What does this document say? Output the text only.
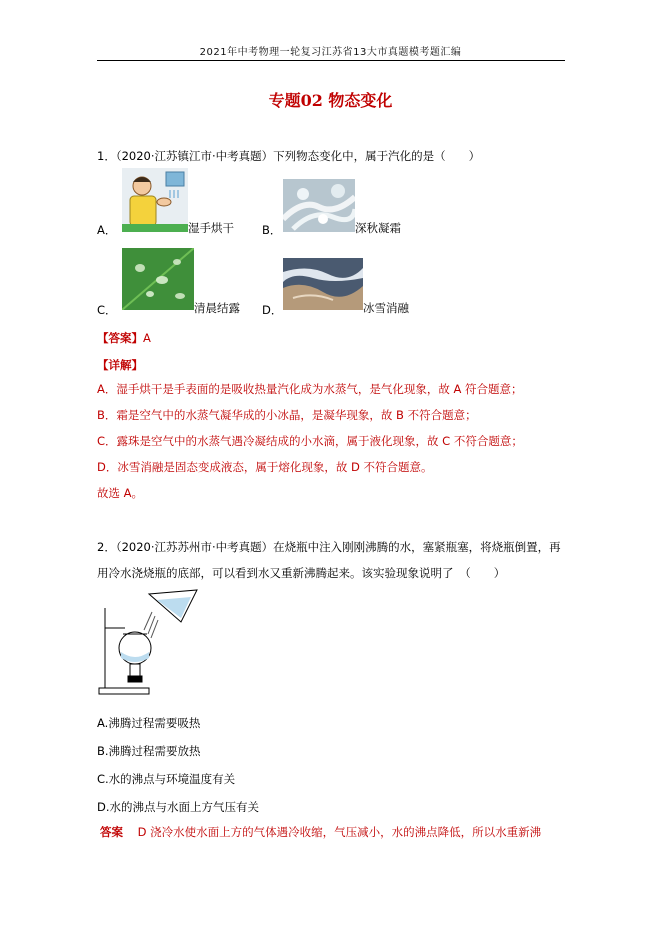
2021年中考物理一轮复习江苏省13大市真题模考题汇编
专题02 物态变化
1．（2020·江苏镇江市·中考真题）下列物态变化中，属于汽化的是（　　）
A．	湿手烘干 B．	深秋凝霜
C．	清晨结露 D．	冰雪消融
【答案】A
【详解】
A．湿手烘干是手表面的是吸收热量汽化成为水蒸气，是气化现象，故 A 符合题意；
B．霜是空气中的水蒸气凝华成的小冰晶，是凝华现象，故 B 不符合题意；
C．露珠是空气中的水蒸气遇冷凝结成的小水滴，属于液化现象，故 C 不符合题意；
D．冰雪消融是固态变成液态，属于熔化现象，故 D 不符合题意。
故选 A。
2．（2020·江苏苏州市·中考真题）在烧瓶中注入刚刚沸腾的水，塞紧瓶塞，将烧瓶倒置，再
用冷水浇烧瓶的底部，可以看到水又重新沸腾起来。该实验现象说明了　（　　）
A.沸腾过程需要吸热
B.沸腾过程需要放热
C.水的沸点与环境温度有关
D.水的沸点与水面上方气压有关
答案 D 浇冷水使水面上方的气体遇冷收缩，气压减小，水的沸点降低，所以水重新沸
